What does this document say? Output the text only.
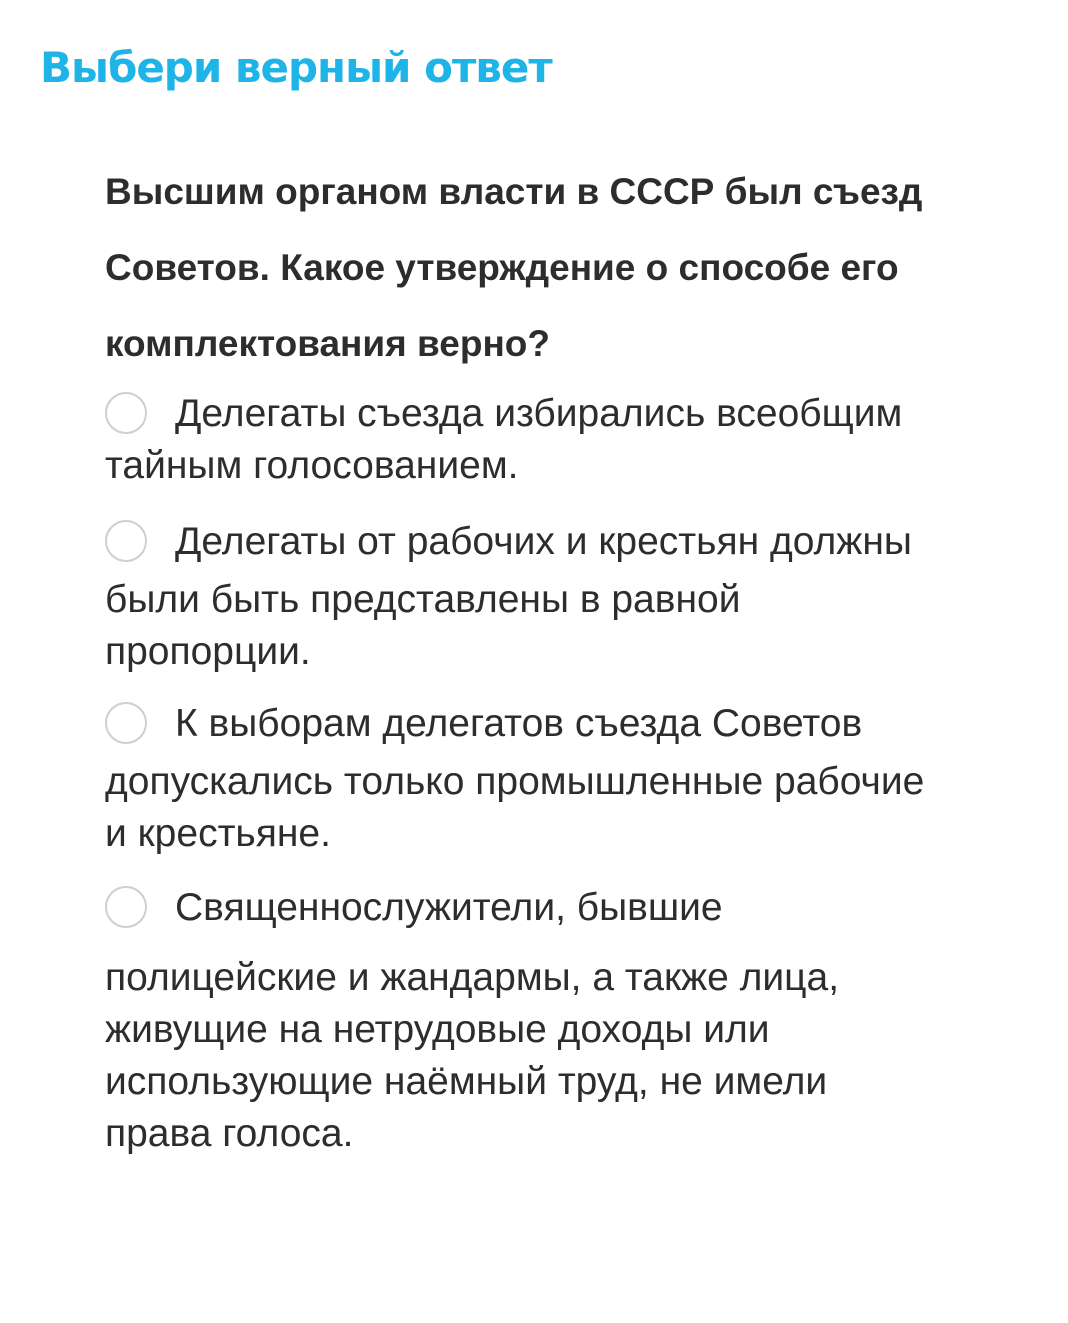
Выбери верный ответ

Высшим органом власти в СССР был съезд Советов. Какое утверждение о способе его комплектования верно?

Делегаты съезда избирались всеобщим

тайным голосованием.

Делегаты от рабочих и крестьян должны

были быть представлены в равной

пропорции.

К выборам делегатов съезда Советов

допускались только промышленные рабочие

и крестьяне.

Священнослужители, бывшие

полицейские и жандармы, а также лица,

живущие на нетрудовые доходы или

использующие наёмный труд, не имели

права голоса.
